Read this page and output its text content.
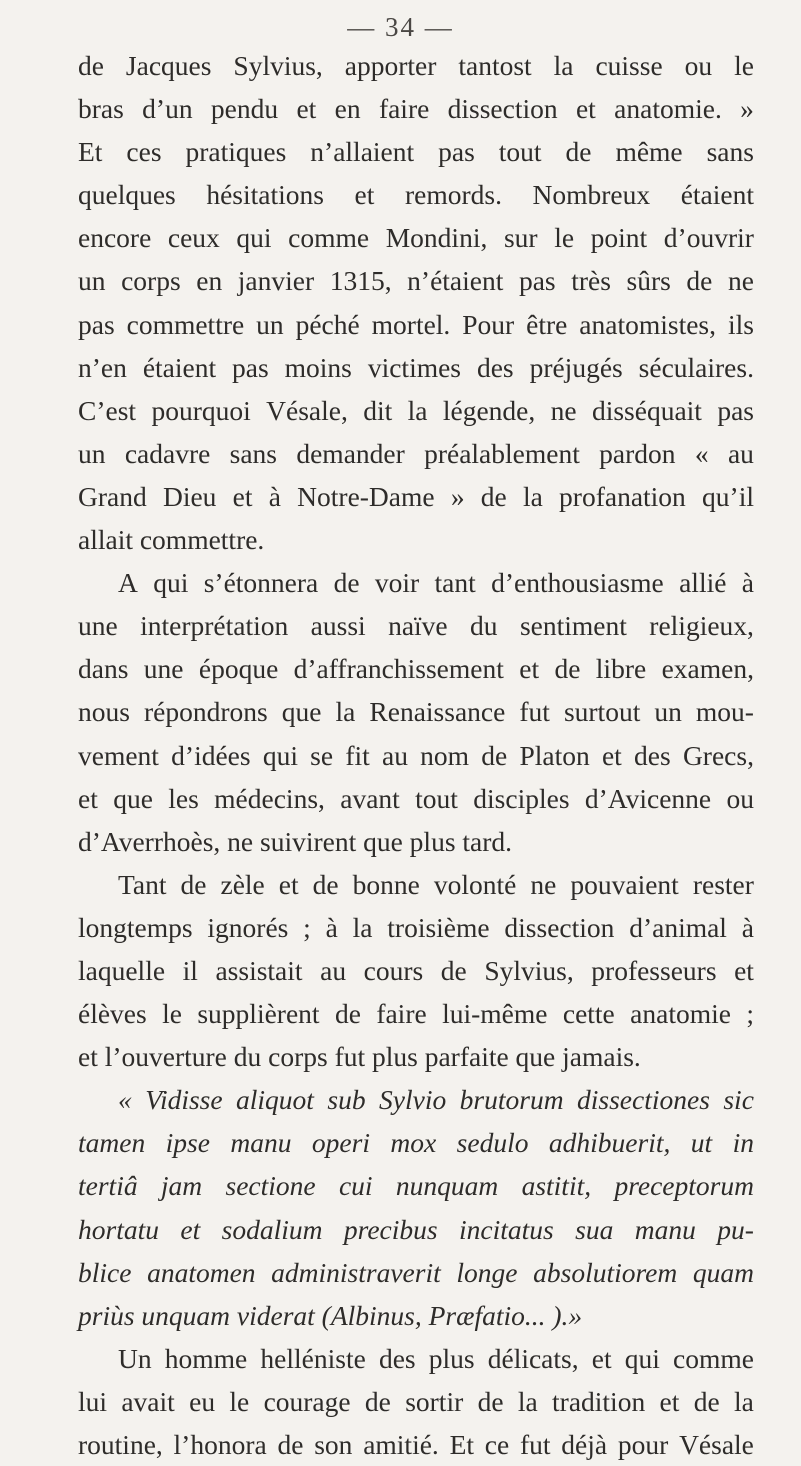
— 34 —
de Jacques Sylvius, apporter tantost la cuisse ou le
bras d’un pendu et en faire dissection et anatomie. »
Et ces pratiques n’allaient pas tout de même sans
quelques hésitations et remords. Nombreux étaient
encore ceux qui comme Mondini, sur le point d’ouvrir
un corps en janvier 1315, n’étaient pas très sûrs de ne
pas commettre un péché mortel. Pour être anatomistes, ils
n’en étaient pas moins victimes des préjugés séculaires.
C’est pourquoi Vésale, dit la légende, ne disséquait pas
un cadavre sans demander préalablement pardon « au
Grand Dieu et à Notre-Dame » de la profanation qu’il
allait commettre.
A qui s’étonnera de voir tant d’enthousiasme allié à
une interprétation aussi naïve du sentiment religieux,
dans une époque d’affranchissement et de libre examen,
nous répondrons que la Renaissance fut surtout un mou-
vement d’idées qui se fit au nom de Platon et des Grecs,
et que les médecins, avant tout disciples d’Avicenne ou
d’Averrhoès, ne suivirent que plus tard.
Tant de zèle et de bonne volonté ne pouvaient rester
longtemps ignorés ; à la troisième dissection d’animal à
laquelle il assistait au cours de Sylvius, professeurs et
élèves le supplièrent de faire lui-même cette anatomie ;
et l’ouverture du corps fut plus parfaite que jamais.
« Vidisse aliquot sub Sylvio brutorum dissectiones sic
tamen ipse manu operi mox sedulo adhibuerit, ut in
tertiâ jam sectione cui nunquam astitit, preceptorum
hortatu et sodalium precibus incitatus sua manu pu-
blice anatomen administraverit longe absolutiorem quam
priùs unquam viderat (Albinus, Præfatio... ).»
Un homme helléniste des plus délicats, et qui comme
lui avait eu le courage de sortir de la tradition et de la
routine, l’honora de son amitié. Et ce fut déjà pour Vésale
